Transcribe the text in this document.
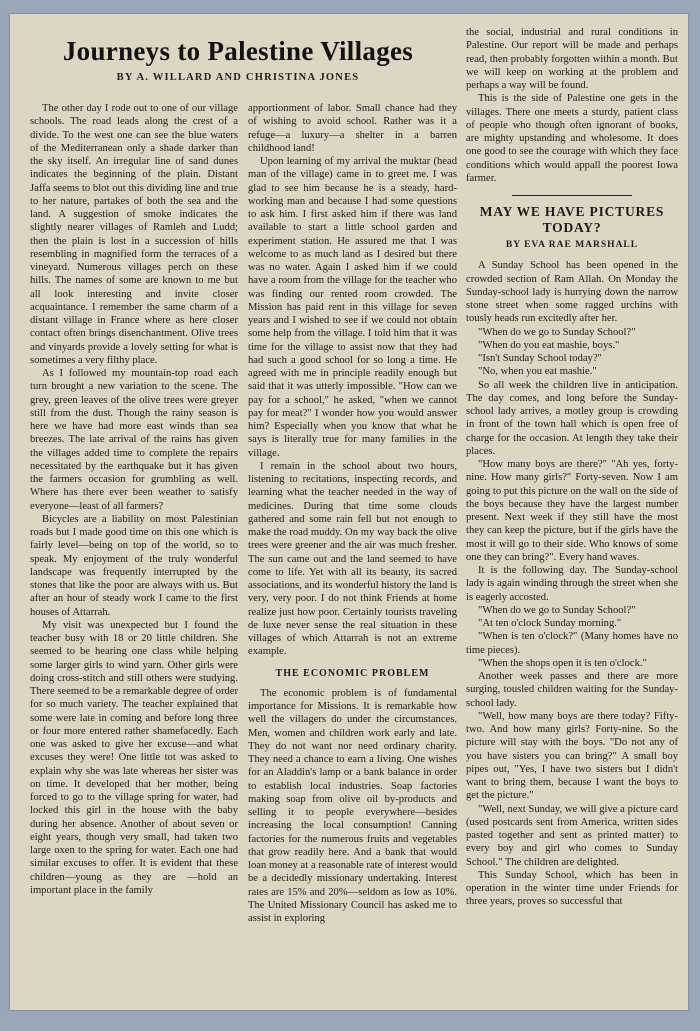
Journeys to Palestine Villages
BY A. WILLARD AND CHRISTINA JONES

The other day I rode out to one of our village schools. The road leads along the crest of a divide. To the west one can see the blue waters of the Mediterranean only a shade darker than the sky itself. An irregular line of sand dunes indicates the beginning of the plain. Distant Jaffa seems to blot out this dividing line and true to her nature, partakes of both the sea and the land. A suggestion of smoke indicates the slightly nearer villages of Ramleh and Ludd; then the plain is lost in a succession of hills resembling in magnified form the terraces of a vineyard. Numerous villages perch on these hills. The names of some are known to me but all look interesting and invite closer acquaintance. I remember the same charm of a distant village in France where as here closer contact often brings disenchantment. Olive trees and vinyards provide a lovely setting for what is sometimes a very filthy place.

As I followed my mountain-top road each turn brought a new variation to the scene. The grey, green leaves of the olive trees were greyer still from the dust. Though the rainy season is here we have had more east winds than sea breezes. The late arrival of the rains has given the villages added time to complete the repairs necessitated by the earthquake but it has given the farmers occasion for grumbling as well. Where has there ever been weather to satisfy everyone—least of all farmers?

Bicycles are a liability on most Palestinian roads but I made good time on this one which is fairly level—being on top of the world, so to speak. My enjoyment of the truly wonderful landscape was frequently interrupted by the stones that like the poor are always with us. But after an hour of steady work I came to the first houses of Attarrah.

My visit was unexpected but I found the teacher busy with 18 or 20 little children. She seemed to be hearing one class while helping some larger girls to wind yarn. Other girls were doing cross-stitch and still others were studying. There seemed to be a remarkable degree of order for so much variety. The teacher explained that some were late in coming and before long three or four more entered rather shamefacedly. Each one was asked to give her excuse—and what excuses they were! One little tot was asked to explain why she was late whereas her sister was on time. It developed that her mother, being forced to go to the village spring for water, had locked this girl in the house with the baby during her absence. Another of about seven or eight years, though very small, had taken two large oxen to the spring for water. Each one had similar excuses to offer. It is evident that these children—young as they are —hold an important place in the family

apportionment of labor. Small chance had they of wishing to avoid school. Rather was it a refuge—a luxury—a shelter in a barren childhood land!

Upon learning of my arrival the muktar (head man of the village) came in to greet me. I was glad to see him because he is a steady, hard-working man and because I had some questions to ask him. I first asked him if there was land available to start a little school garden and experiment station. He assured me that I was welcome to as much land as I desired but there was no water. Again I asked him if we could have a room from the village for the teacher who was finding our rented room crowded. The Mission has paid rent in this village for seven years and I wished to see if we could not obtain some help from the village. I told him that it was time for the village to assist now that they had had such a good school for so long a time. He agreed with me in principle readily enough but said that it was utterly impossible. "How can we pay for a school," he asked, "when we cannot pay for meat?" I wonder how you would answer him? Especially when you know that what he says is literally true for many families in the village.

I remain in the school about two hours, listening to recitations, inspecting records, and learning what the teacher needed in the way of medicines. During that time some clouds gathered and some rain fell but not enough to make the road muddy. On my way back the olive trees were greener and the air was much fresher. The sun came out and the land seemed to have come to life. Yet with all its beauty, its sacred associations, and its wonderful history the land is very, very poor. I do not think Friends at home realize just how poor. Certainly tourists traveling de luxe never sense the real situation in these villages of which Attarrah is not an extreme example.

THE ECONOMIC PROBLEM

The economic problem is of fundamental importance for Missions. It is remarkable how well the villagers do under the circumstances. Men, women and children work early and late. They do not want nor need ordinary charity. They need a chance to earn a living. One wishes for an Aladdin's lamp or a bank balance in order to establish local industries. Soap factories making soap from olive oil by-products and selling it to people everywhere—besides increasing the local consumption! Canning factories for the numerous fruits and vegetables that grow readily here. And a bank that would loan money at a reasonable rate of interest would be a decidedly missionary undertaking. Interest rates are 15% and 20%—seldom as low as 10%. The United Missionary Council has asked me to assist in exploring

the social, industrial and rural conditions in Palestine. Our report will be made and perhaps read, then probably forgotten within a month. But we will keep on working at the problem and perhaps a way will be found.

This is the side of Palestine one gets in the villages. There one meets a sturdy, patient class of people who though often ignorant of books, are mighty upstanding and wholesome. It does one good to see the courage with which they face conditions which would appall the poorest Iowa farmer.

MAY WE HAVE PICTURES TODAY?
BY EVA RAE MARSHALL

A Sunday School has been opened in the crowded section of Ram Allah. On Monday the Sunday-school lady is hurrying down the narrow stone street when some ragged urchins with tously heads run excitedly after her.

"When do we go to Sunday School?"

"When do you eat mashie, boys."

"Isn't Sunday School today?"

"No, when you eat mashie."

So all week the children live in anticipation. The day comes, and long before the Sunday-school lady arrives, a motley group is crowding in front of the town hall which is open free of charge for the occasion. At length they take their places.

"How many boys are there?" "Ah yes, forty-nine. How many girls?" Forty-seven. Now I am going to put this picture on the wall on the side of the boys because they have the largest number present. Next week if they still have the most they can keep the picture, but if the girls have the most it will go to their side. Who knows of some one they can bring?". Every hand waves.

It is the following day. The Sunday-school lady is again winding through the street when she is eagerly accosted.

"When do we go to Sunday School?"

"At ten o'clock Sunday morning."

"When is ten o'clock?" (Many homes have no time pieces).

"When the shops open it is ten o'clock."

Another week passes and there are more surging, tousled children waiting for the Sunday-school lady.

"Well, how many boys are there today? Fifty-two. And how many girls? Forty-nine. So the picture will stay with the boys. "Do not any of you have sisters you can bring?" A small boy pipes out, "Yes, I have two sisters but I didn't want to bring them, because I want the boys to get the picture."

"Well, next Sunday, we will give a picture card (used postcards sent from America, written sides pasted together and sent as printed matter) to every boy and girl who comes to Sunday School." The children are delighted.

This Sunday School, which has been in operation in the winter time under Friends for three years, proves so successful that
